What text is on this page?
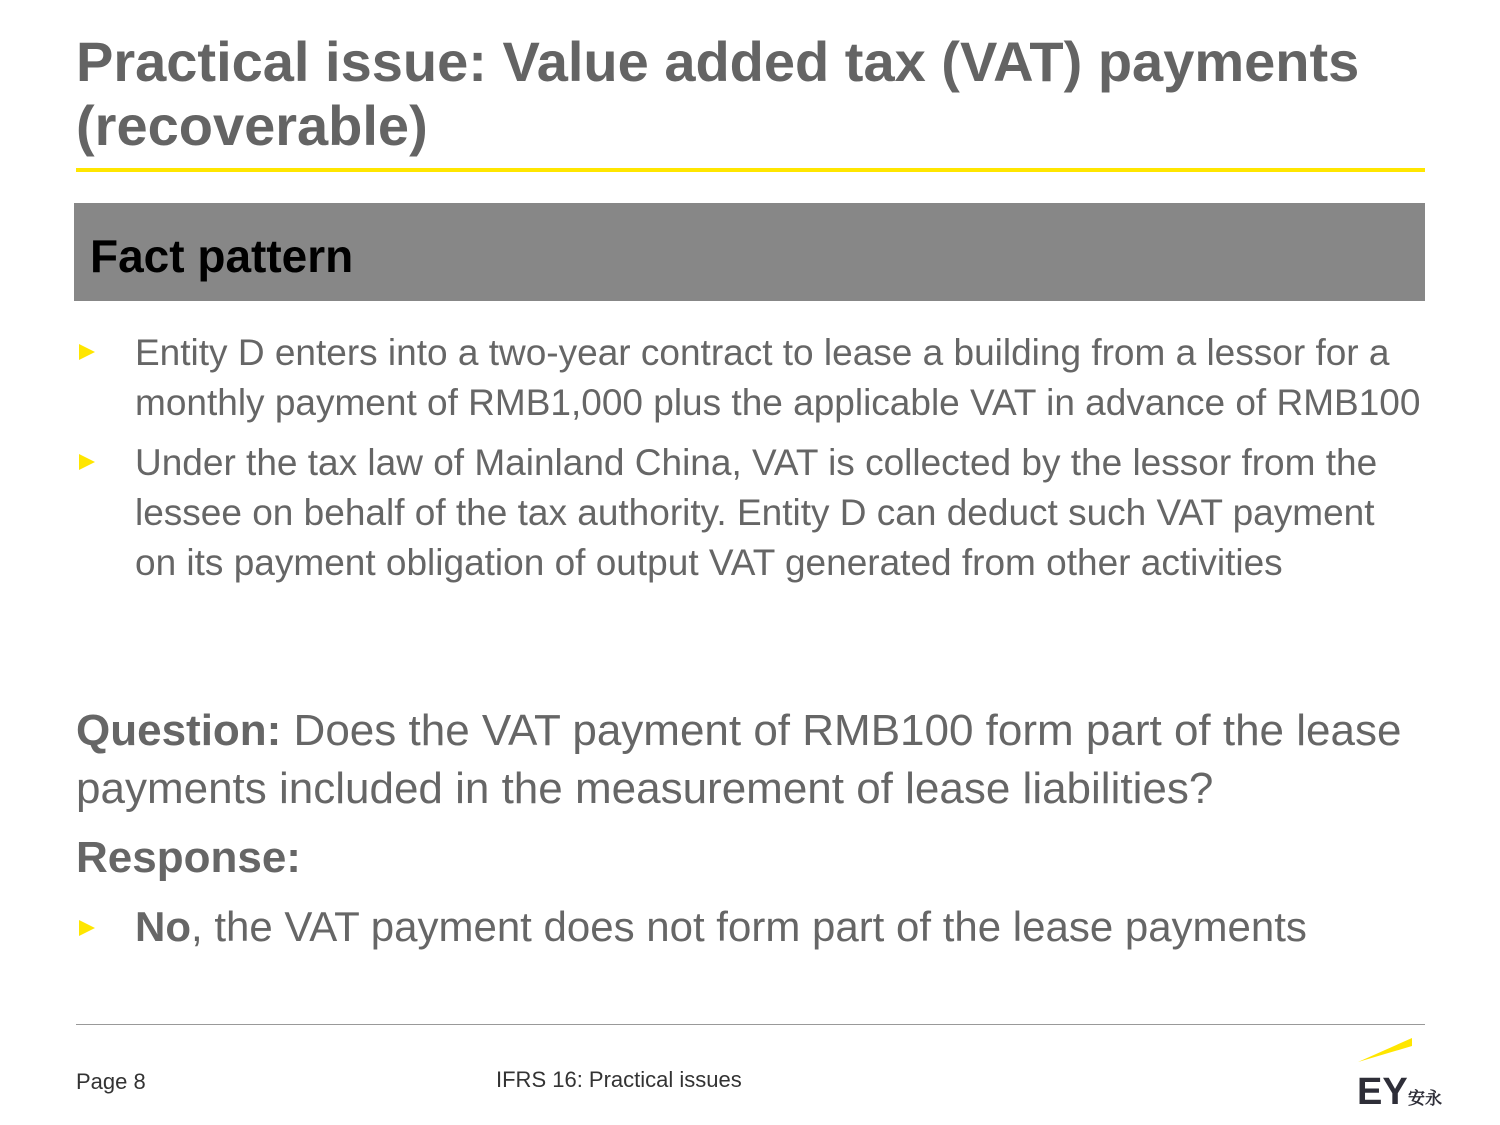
Practical issue: Value added tax (VAT) payments (recoverable)
Fact pattern
Entity D enters into a two-year contract to lease a building from a lessor for a monthly payment of RMB1,000 plus the applicable VAT in advance of RMB100
Under the tax law of Mainland China, VAT is collected by the lessor from the lessee on behalf of the tax authority. Entity D can deduct such VAT payment on its payment obligation of output VAT generated from other activities

Question: Does the VAT payment of RMB100 form part of the lease payments included in the measurement of lease liabilities?

Response:

No, the VAT payment does not form part of the lease payments
Page 8	IFRS 16: Practical issues	EY 安永
